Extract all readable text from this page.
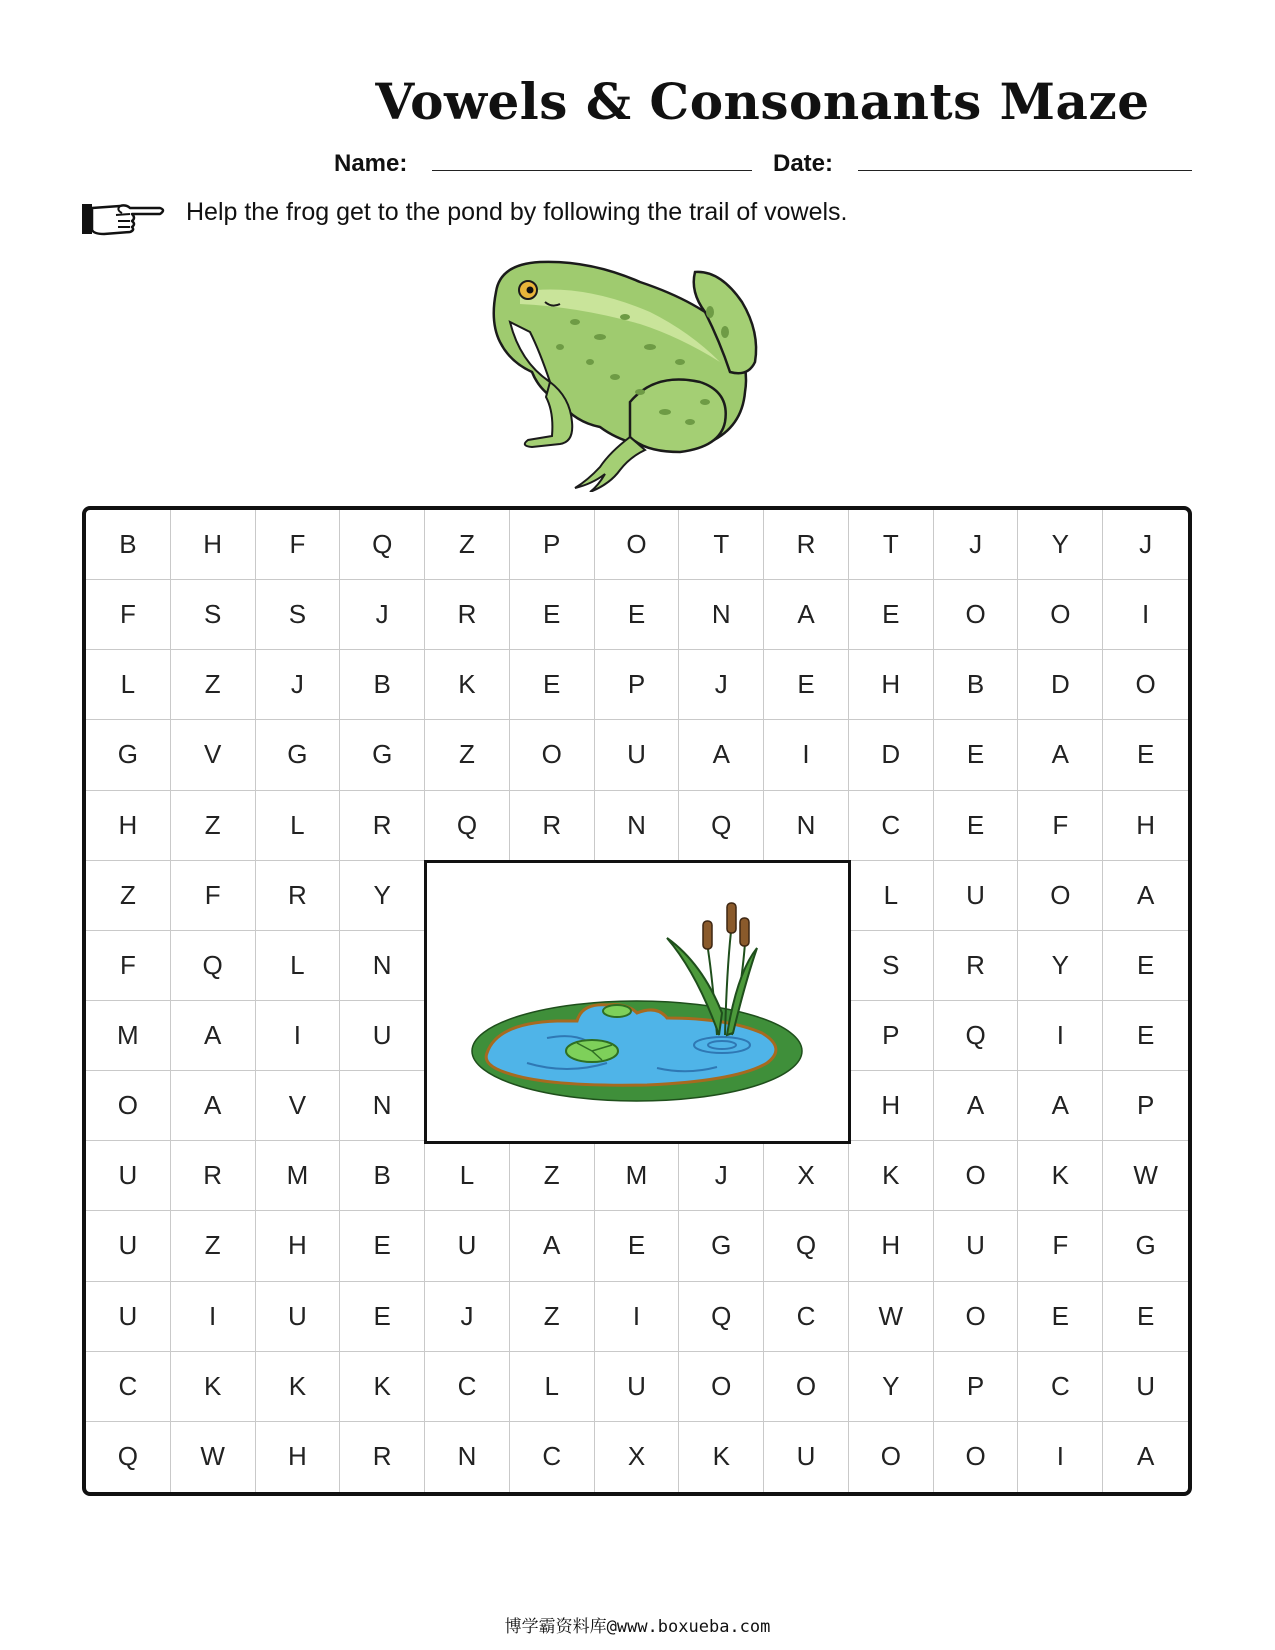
Vowels & Consonants Maze
Name:	Date:
Help the frog get to the pond by following the trail of vowels.
B	H	F	Q	Z	P	O	T	R	T	J	Y	J
F	S	S	J	R	E	E	N	A	E	O	O	I
L	Z	J	B	K	E	P	J	E	H	B	D	O
G	V	G	G	Z	O	U	A	I	D	E	A	E
H	Z	L	R	Q	R	N	Q	N	C	E	F	H
Z	F	R	Y	L	U	O	A
F	Q	L	N	S	R	Y	E
M	A	I	U	P	Q	I	E
O	A	V	N	H	A	A	P
U	R	M	B	L	Z	M	J	X	K	O	K	W
U	Z	H	E	U	A	E	G	Q	H	U	F	G
U	I	U	E	J	Z	I	Q	C	W	O	E	E
C	K	K	K	C	L	U	O	O	Y	P	C	U
Q	W	H	R	N	C	X	K	U	O	O	I	A
博学霸资料库@www.boxueba.com
